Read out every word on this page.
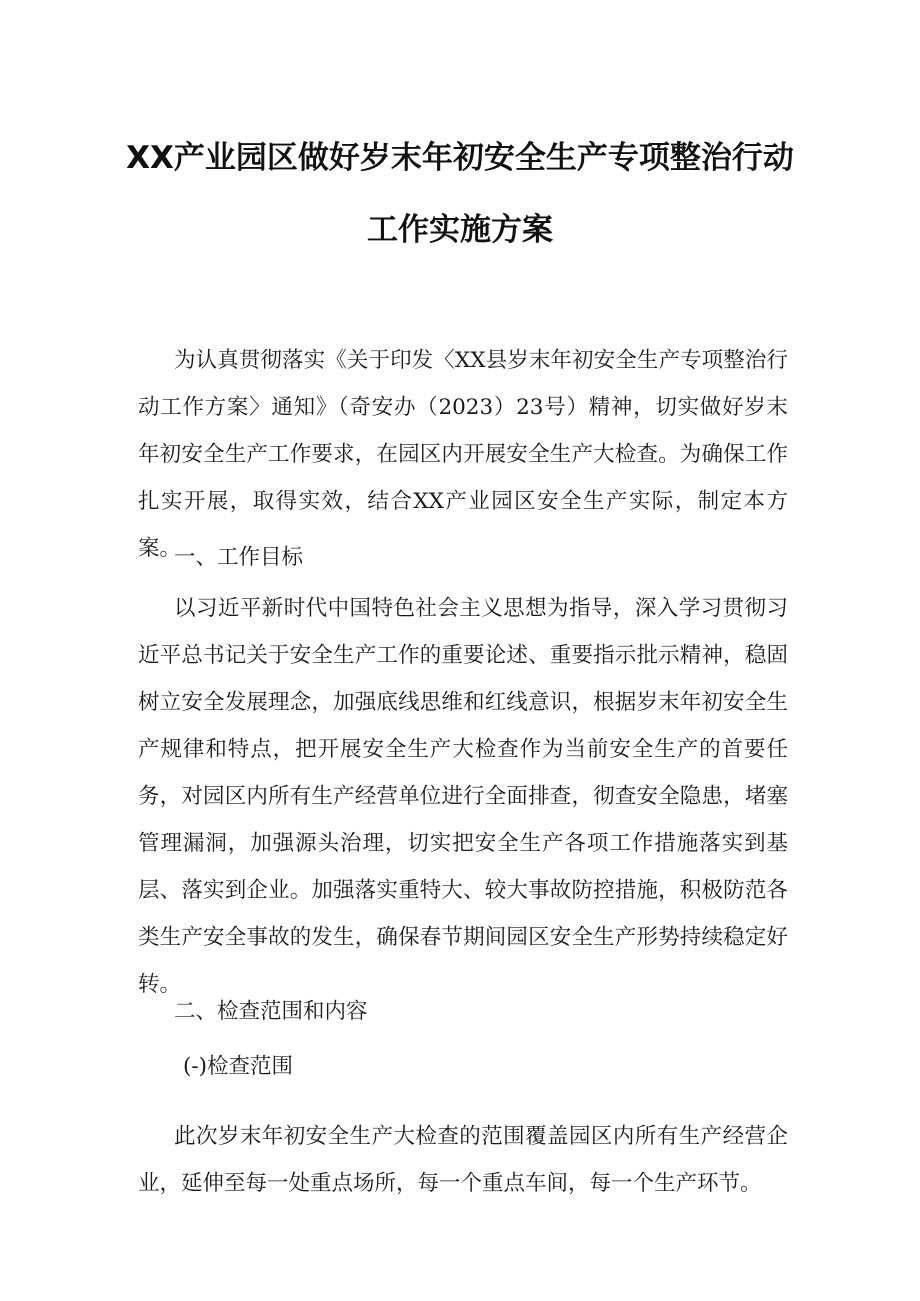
XX产业园区做好岁末年初安全生产专项整治行动
工作实施方案

为认真贯彻落实《关于印发〈XX县岁末年初安全生产专项整治行动工作方案〉通知》（奇安办（2023）23号）精神，切实做好岁末年初安全生产工作要求，在园区内开展安全生产大检查。为确保工作扎实开展，取得实效，结合XX产业园区安全生产实际，制定本方案。

一、工作目标

以习近平新时代中国特色社会主义思想为指导，深入学习贯彻习近平总书记关于安全生产工作的重要论述、重要指示批示精神，稳固树立安全发展理念，加强底线思维和红线意识，根据岁末年初安全生产规律和特点，把开展安全生产大检查作为当前安全生产的首要任务，对园区内所有生产经营单位进行全面排查，彻查安全隐患，堵塞管理漏洞，加强源头治理，切实把安全生产各项工作措施落实到基层、落实到企业。加强落实重特大、较大事故防控措施，积极防范各类生产安全事故的发生，确保春节期间园区安全生产形势持续稳定好转。

二、检查范围和内容

(-)检查范围

此次岁末年初安全生产大检查的范围覆盖园区内所有生产经营企业，延伸至每一处重点场所，每一个重点车间，每一个生产环节。
